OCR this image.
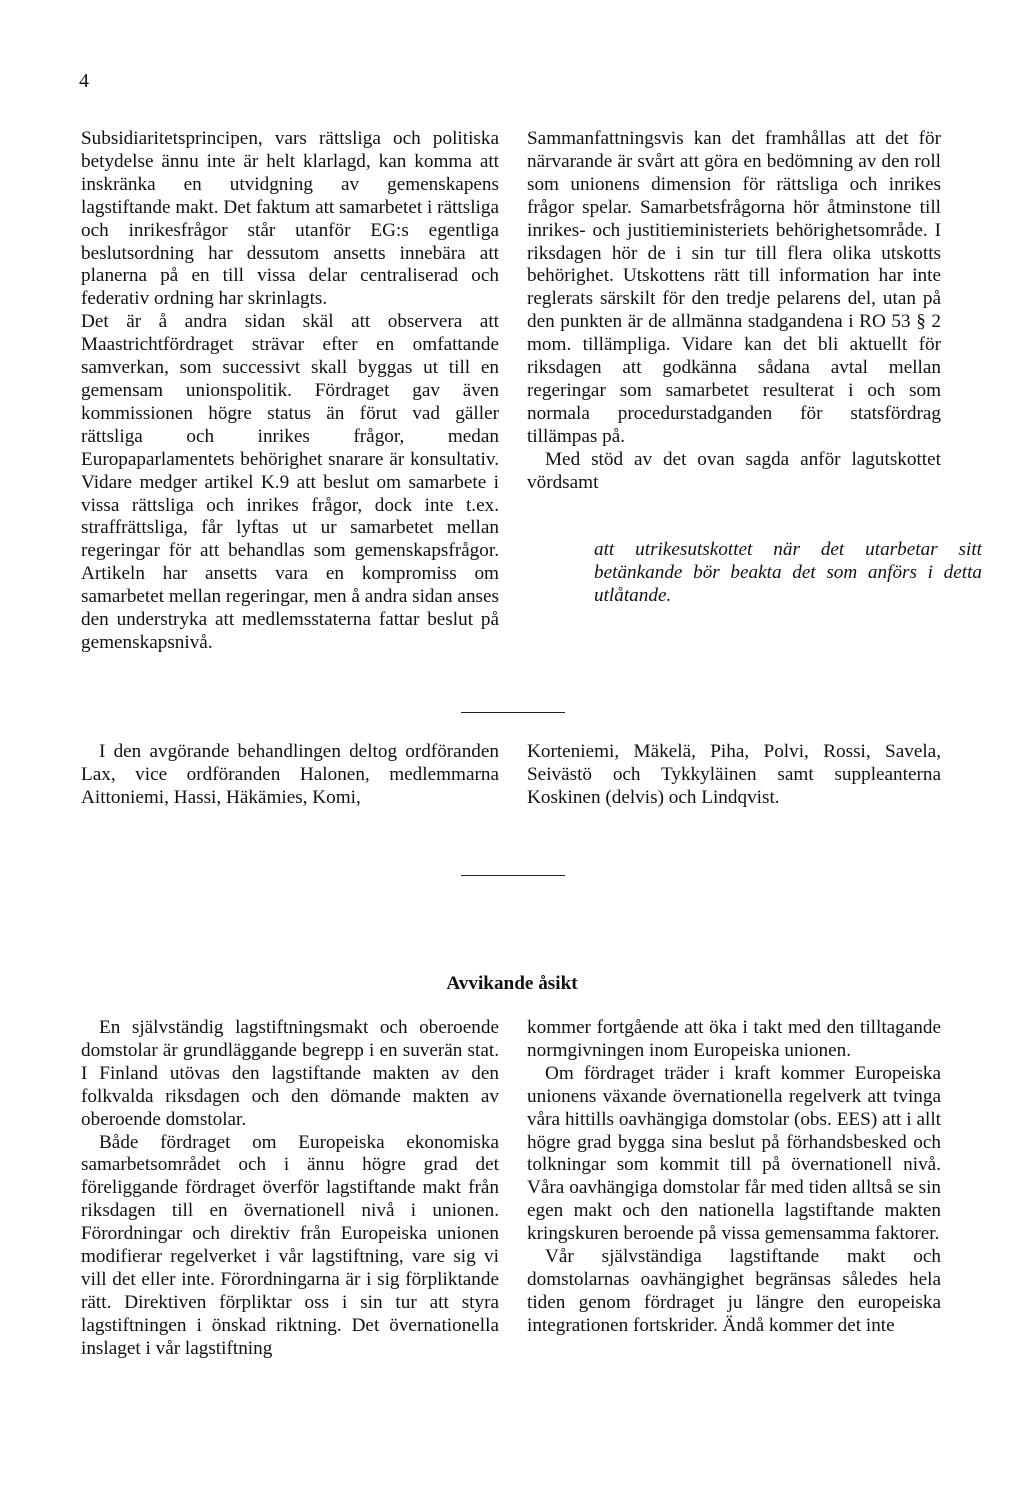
4

Subsidiaritetsprincipen, vars rättsliga och politiska betydelse ännu inte är helt klarlagd, kan komma att inskränka en utvidgning av gemenskapens lagstiftande makt. Det faktum att samarbetet i rättsliga och inrikesfrågor står utanför EG:s egentliga beslutsordning har dessutom ansetts innebära att planerna på en till vissa delar centraliserad och federativ ordning har skrinlagts.

Det är å andra sidan skäl att observera att Maastrichtfördraget strävar efter en omfattande samverkan, som successivt skall byggas ut till en gemensam unionspolitik. Fördraget gav även kommissionen högre status än förut vad gäller rättsliga och inrikes frågor, medan Europaparlamentets behörighet snarare är konsultativ. Vidare medger artikel K.9 att beslut om samarbete i vissa rättsliga och inrikes frågor, dock inte t.ex. straffrättsliga, får lyftas ut ur samarbetet mellan regeringar för att behandlas som gemenskapsfrågor. Artikeln har ansetts vara en kompromiss om samarbetet mellan regeringar, men å andra sidan anses den understryka att medlemsstaterna fattar beslut på gemenskapsnivå.

Sammanfattningsvis kan det framhållas att det för närvarande är svårt att göra en bedömning av den roll som unionens dimension för rättsliga och inrikes frågor spelar. Samarbetsfrågorna hör åtminstone till inrikes- och justitieministeriets behörighetsområde. I riksdagen hör de i sin tur till flera olika utskotts behörighet. Utskottens rätt till information har inte reglerats särskilt för den tredje pelarens del, utan på den punkten är de allmänna stadgandena i RO 53 § 2 mom. tillämpliga. Vidare kan det bli aktuellt för riksdagen att godkänna sådana avtal mellan regeringar som samarbetet resulterat i och som normala procedurstadganden för statsfördrag tillämpas på.

Med stöd av det ovan sagda anför lagutskottet vördsamt

att utrikesutskottet när det utarbetar sitt betänkande bör beakta det som anförs i detta utlåtande.

I den avgörande behandlingen deltog ordföranden Lax, vice ordföranden Halonen, medlemmarna Aittoniemi, Hassi, Häkämies, Komi,

Korteniemi, Mäkelä, Piha, Polvi, Rossi, Savela, Seivästö och Tykkyläinen samt suppleanterna Koskinen (delvis) och Lindqvist.

Avvikande åsikt

En självständig lagstiftningsmakt och oberoende domstolar är grundläggande begrepp i en suverän stat. I Finland utövas den lagstiftande makten av den folkvalda riksdagen och den dömande makten av oberoende domstolar.

Både fördraget om Europeiska ekonomiska samarbetsområdet och i ännu högre grad det föreliggande fördraget överför lagstiftande makt från riksdagen till en övernationell nivå i unionen. Förordningar och direktiv från Europeiska unionen modifierar regelverket i vår lagstiftning, vare sig vi vill det eller inte. Förordningarna är i sig förpliktande rätt. Direktiven förpliktar oss i sin tur att styra lagstiftningen i önskad riktning. Det övernationella inslaget i vår lagstiftning

kommer fortgående att öka i takt med den tilltagande normgivningen inom Europeiska unionen.

Om fördraget träder i kraft kommer Europeiska unionens växande övernationella regelverk att tvinga våra hittills oavhängiga domstolar (obs. EES) att i allt högre grad bygga sina beslut på förhandsbesked och tolkningar som kommit till på övernationell nivå. Våra oavhängiga domstolar får med tiden alltså se sin egen makt och den nationella lagstiftande makten kringskuren beroende på vissa gemensamma faktorer.

Vår självständiga lagstiftande makt och domstolarnas oavhängighet begränsas således hela tiden genom fördraget ju längre den europeiska integrationen fortskrider. Ändå kommer det inte
